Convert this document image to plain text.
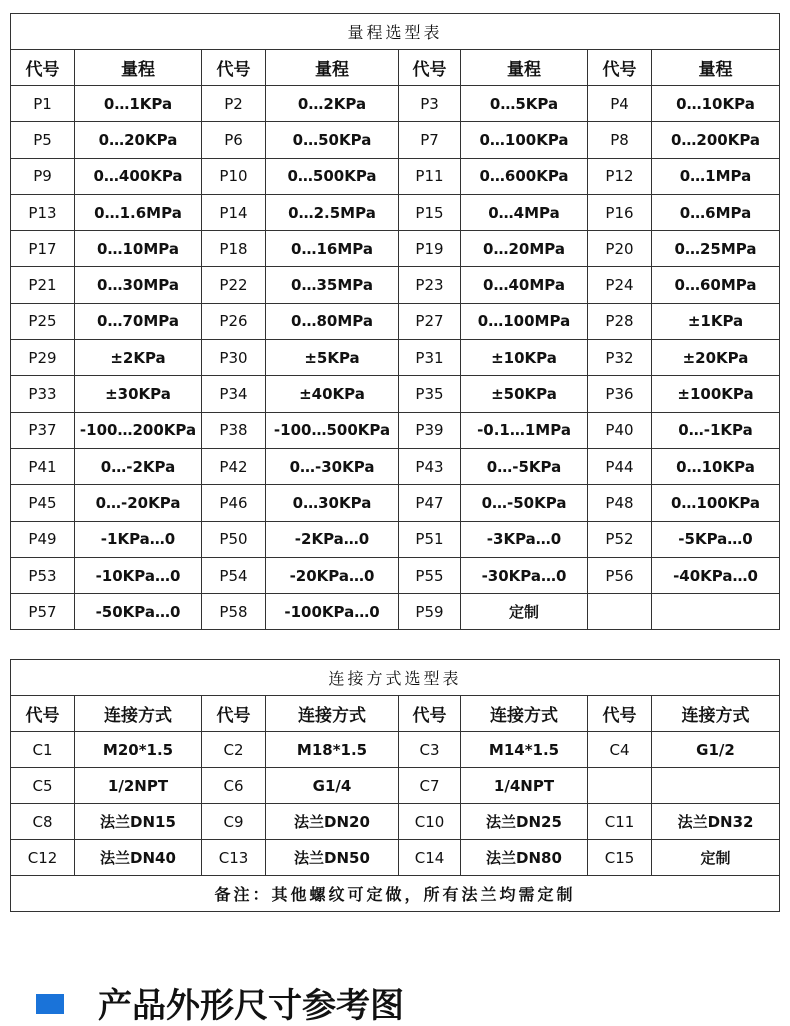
量程选型表							
代号	量程	代号	量程	代号	量程	代号	量程
P1	0…1KPa	P2	0…2KPa	P3	0…5KPa	P4	0…10KPa
P5	0…20KPa	P6	0…50KPa	P7	0…100KPa	P8	0…200KPa
P9	0…400KPa	P10	0…500KPa	P11	0…600KPa	P12	0…1MPa
P13	0…1.6MPa	P14	0…2.5MPa	P15	0…4MPa	P16	0…6MPa
P17	0…10MPa	P18	0…16MPa	P19	0…20MPa	P20	0…25MPa
P21	0…30MPa	P22	0…35MPa	P23	0…40MPa	P24	0…60MPa
P25	0…70MPa	P26	0…80MPa	P27	0…100MPa	P28	±1KPa
P29	±2KPa	P30	±5KPa	P31	±10KPa	P32	±20KPa
P33	±30KPa	P34	±40KPa	P35	±50KPa	P36	±100KPa
P37	-100…200KPa	P38	-100…500KPa	P39	-0.1…1MPa	P40	0…-1KPa
P41	0…-2KPa	P42	0…-30KPa	P43	0…-5KPa	P44	0…10KPa
P45	0…-20KPa	P46	0…30KPa	P47	0…-50KPa	P48	0…100KPa
P49	-1KPa…0	P50	-2KPa…0	P51	-3KPa…0	P52	-5KPa…0
P53	-10KPa…0	P54	-20KPa…0	P55	-30KPa…0	P56	-40KPa…0
P57	-50KPa…0	P58	-100KPa…0	P59	定制		
连接方式选型表							
代号	连接方式	代号	连接方式	代号	连接方式	代号	连接方式
C1	M20*1.5	C2	M18*1.5	C3	M14*1.5	C4	G1/2
C5	1/2NPT	C6	G1/4	C7	1/4NPT		
C8	法兰DN15	C9	法兰DN20	C10	法兰DN25	C11	法兰DN32
C12	法兰DN40	C13	法兰DN50	C14	法兰DN80	C15	定制
备注：其他螺纹可定做，所有法兰均需定制							
产品外形尺寸参考图
